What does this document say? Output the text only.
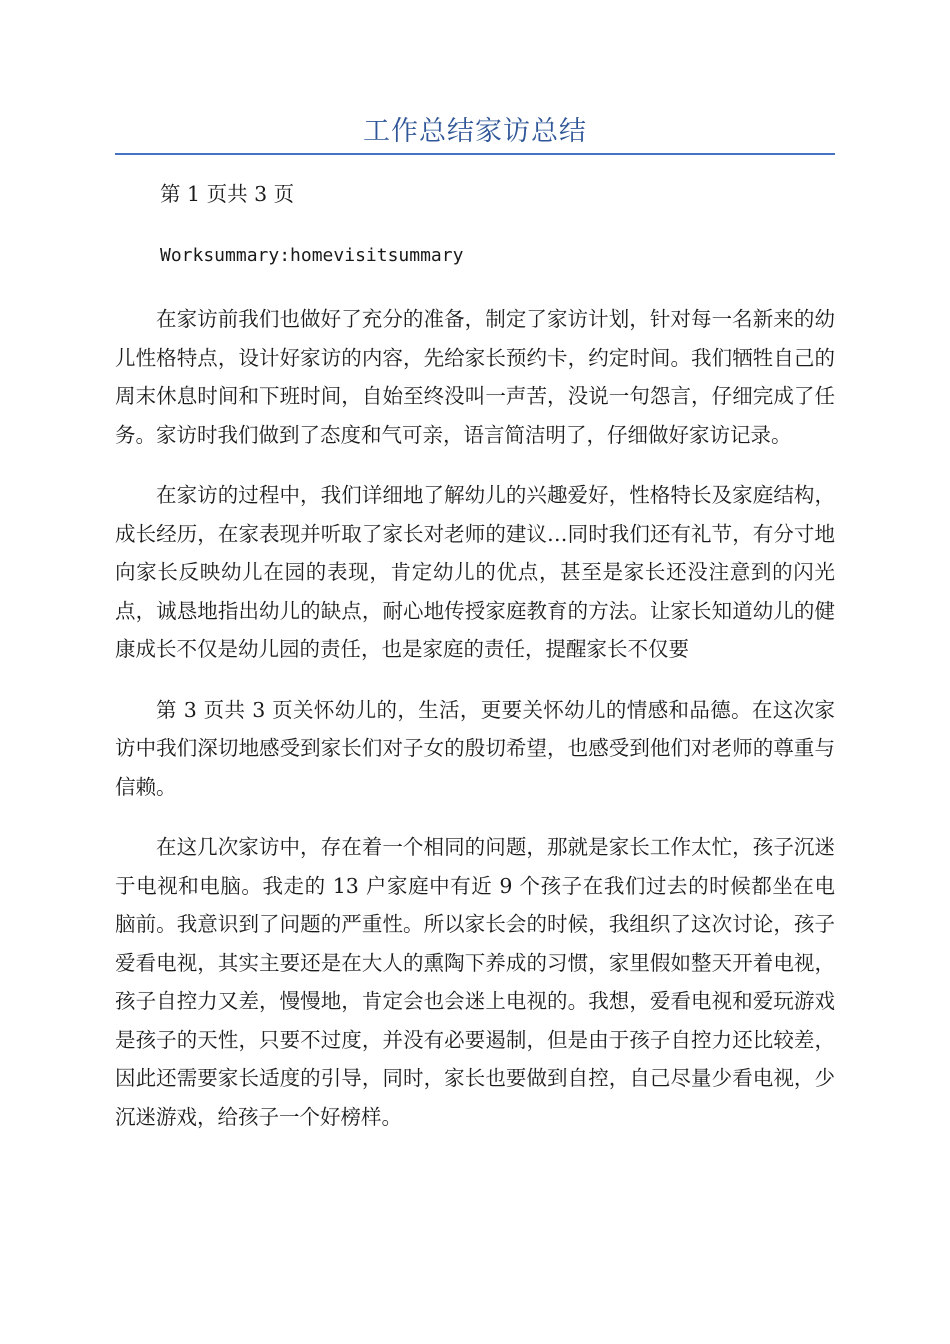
工作总结家访总结
第 1 页共 3 页
Worksummary:homevisitsummary

在家访前我们也做好了充分的准备，制定了家访计划，针对每一名新来的幼儿性格特点，设计好家访的内容，先给家长预约卡，约定时间。我们牺牲自己的周末休息时间和下班时间，自始至终没叫一声苦，没说一句怨言，仔细完成了任务。家访时我们做到了态度和气可亲，语言简洁明了，仔细做好家访记录。

在家访的过程中，我们详细地了解幼儿的兴趣爱好，性格特长及家庭结构，成长经历，在家表现并听取了家长对老师的建议…同时我们还有礼节，有分寸地向家长反映幼儿在园的表现，肯定幼儿的优点，甚至是家长还没注意到的闪光点，诚恳地指出幼儿的缺点，耐心地传授家庭教育的方法。让家长知道幼儿的健康成长不仅是幼儿园的责任，也是家庭的责任，提醒家长不仅要

第 3 页共 3 页关怀幼儿的，生活，更要关怀幼儿的情感和品德。在这次家访中我们深切地感受到家长们对子女的殷切希望，也感受到他们对老师的尊重与信赖。

在这几次家访中，存在着一个相同的问题，那就是家长工作太忙，孩子沉迷于电视和电脑。我走的 13 户家庭中有近 9 个孩子在我们过去的时候都坐在电脑前。我意识到了问题的严重性。所以家长会的时候，我组织了这次讨论，孩子爱看电视，其实主要还是在大人的熏陶下养成的习惯，家里假如整天开着电视，孩子自控力又差，慢慢地，肯定会也会迷上电视的。我想，爱看电视和爱玩游戏是孩子的天性，只要不过度，并没有必要遏制，但是由于孩子自控力还比较差，因此还需要家长适度的引导，同时，家长也要做到自控，自己尽量少看电视，少沉迷游戏，给孩子一个好榜样。
